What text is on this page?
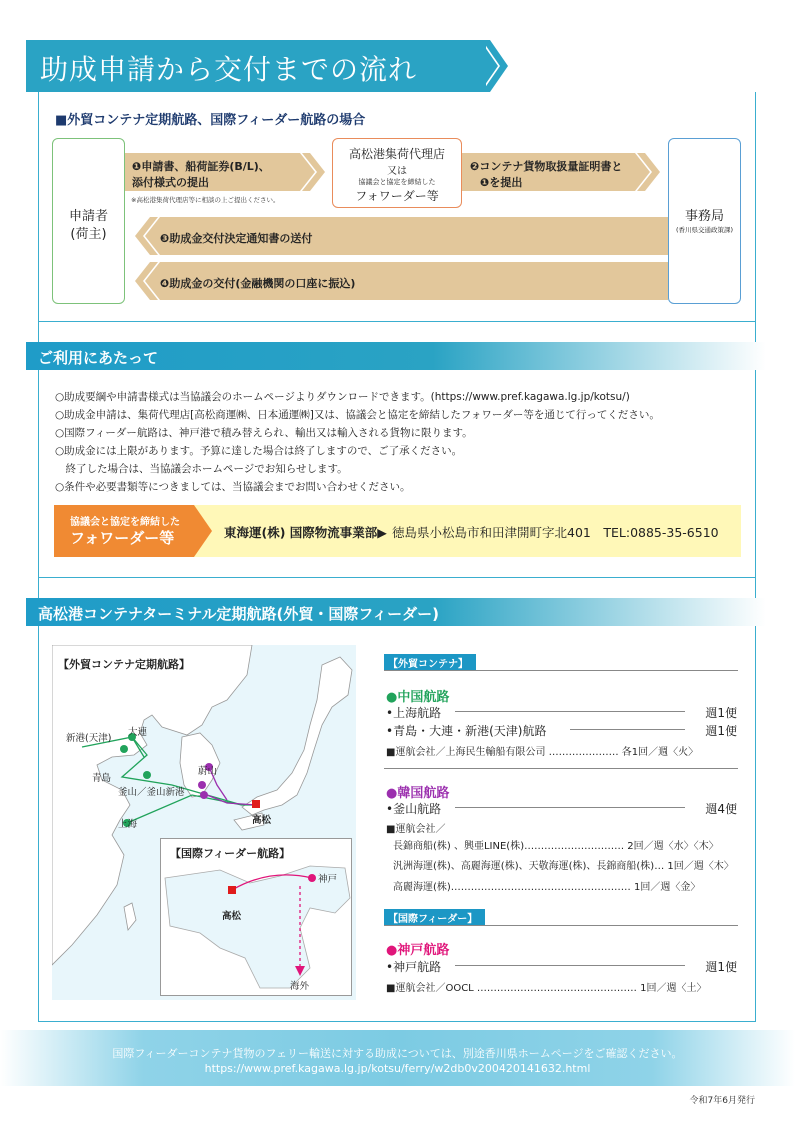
助成申請から交付までの流れ
■外貿コンテナ定期航路、国際フィーダー航路の場合
申請者
(荷主)
高松港集荷代理店
又は
協議会と協定を締結した
フォワーダー等
事務局
(香川県交通政策課)
❶申請書、船荷証券(B/L)、
添付様式の提出
※高松港集荷代理店等に相談の上ご提出ください。
❷コンテナ貨物取扱量証明書と
❶を提出
❸助成金交付決定通知書の送付
❹助成金の交付(金融機関の口座に振込)
ご利用にあたって
○助成要綱や申請書様式は当協議会のホームページよりダウンロードできます。(https://www.pref.kagawa.lg.jp/kotsu/)
○助成金申請は、集荷代理店[高松商運㈱、日本通運㈱]又は、協議会と協定を締結したフォワーダー等を通じて行ってください。
○国際フィーダー航路は、神戸港で積み替えられ、輸出又は輸入される貨物に限ります。
○助成金には上限があります。予算に達した場合は終了しますので、ご了承ください。
　終了した場合は、当協議会ホームページでお知らせします。
○条件や必要書類等につきましては、当協議会までお問い合わせください。
協議会と協定を締結した
フォワーダー等	東海運(株) 国際物流事業部▶ 徳島県小松島市和田津開町字北401　TEL:0885-35-6510
高松港コンテナターミナル定期航路(外貿・国際フィーダー)
【外貿コンテナ定期航路】
新港(天津)
大連
青島
釜山／釜山新港
蔚山
上海	高松
【国際フィーダー航路】
神戸
高松
海外
【外貿コンテナ】
●中国航路
•上海航路	週1便
•青島・大連・新港(天津)航路	週1便
■運航会社／上海民生輸船有限公司 ………………… 各1回／週〈火〉
●韓国航路
•釜山航路	週4便
■運航会社／
長錦商船(株) 、興亜LINE(株)………………………… 2回／週〈水〉〈木〉
汎洲海運(株)、高麗海運(株)、天敬海運(株)、長錦商船(株)… 1回／週〈木〉
高麗海運(株)……………………………………………… 1回／週〈金〉
【国際フィーダー】
●神戸航路
•神戸航路	週1便
■運航会社／OOCL ………………………………………… 1回／週〈土〉
国際フィーダーコンテナ貨物のフェリー輸送に対する助成については、別途香川県ホームページをご確認ください。
https://www.pref.kagawa.lg.jp/kotsu/ferry/w2db0v200420141632.html
令和7年6月発行
